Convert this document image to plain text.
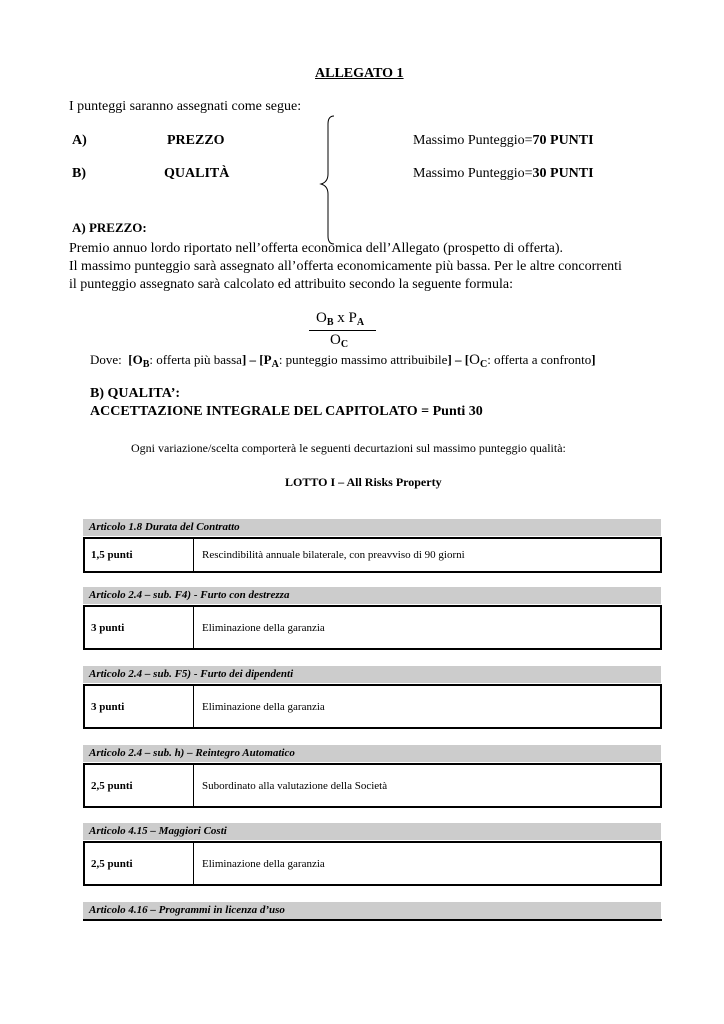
ALLEGATO 1
I punteggi saranno assegnati come segue:
A)	PREZZO	Massimo Punteggio=70 PUNTI
B)	QUALITÀ	Massimo Punteggio=30 PUNTI
A) PREZZO:
Premio annuo lordo riportato nell’offerta economica dell’Allegato (prospetto di offerta).
Il massimo punteggio sarà assegnato all’offerta economicamente più bassa. Per le altre concorrenti
il punteggio assegnato sarà calcolato ed attribuito secondo la seguente formula:
$O_B$ x $P_A$
$O_C$
Dove: [$O_B$: offerta più bassa] – [$P_A$: punteggio massimo attribuibile] – [$O_C$: offerta a confronto]
B) QUALITA’:
ACCETTAZIONE INTEGRALE DEL CAPITOLATO = Punti 30
Ogni variazione/scelta comporterà le seguenti decurtazioni sul massimo punteggio qualità:
LOTTO I – All Risks Property
Articolo 1.8 Durata del Contratto
1,5 punti	Rescindibilità annuale bilaterale, con preavviso di 90 giorni
Articolo 2.4 – sub. F4) - Furto con destrezza
3 punti	Eliminazione della garanzia
Articolo 2.4 – sub. F5) - Furto dei dipendenti
3 punti	Eliminazione della garanzia
Articolo 2.4 – sub. h) – Reintegro Automatico
2,5 punti	Subordinato alla valutazione della Società
Articolo 4.15 – Maggiori Costi
2,5 punti	Eliminazione della garanzia
Articolo 4.16 – Programmi in licenza d’uso
